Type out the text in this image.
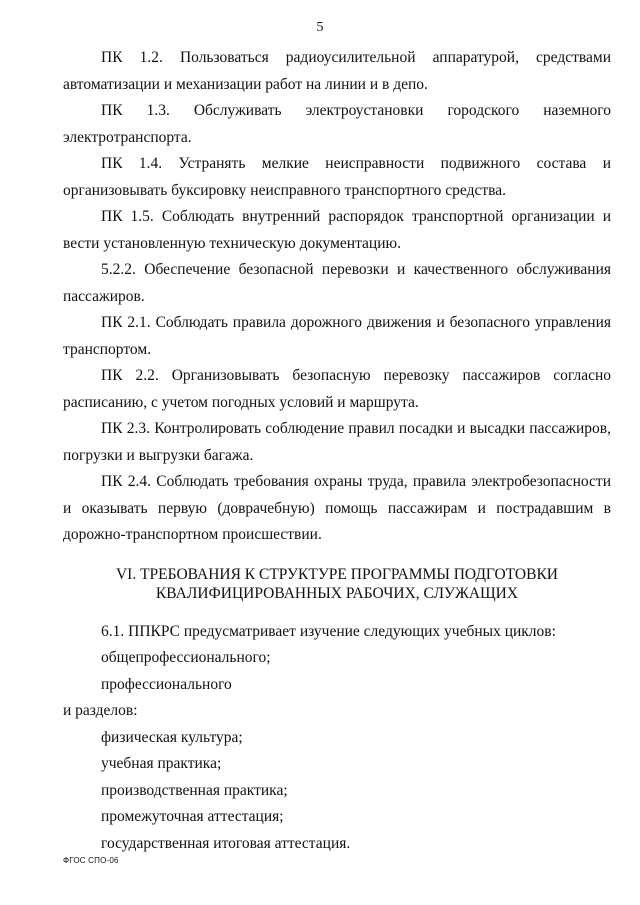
5

ПК 1.2. Пользоваться радиоусилительной аппаратурой, средствами автоматизации и механизации работ на линии и в депо.

ПК 1.3. Обслуживать электроустановки городского наземного электротранспорта.

ПК 1.4. Устранять мелкие неисправности подвижного состава и организовывать буксировку неисправного транспортного средства.

ПК 1.5. Соблюдать внутренний распорядок транспортной организации и вести установленную техническую документацию.

5.2.2. Обеспечение безопасной перевозки и качественного обслуживания пассажиров.

ПК 2.1. Соблюдать правила дорожного движения и безопасного управления транспортом.

ПК 2.2. Организовывать безопасную перевозку пассажиров согласно расписанию, с учетом погодных условий и маршрута.

ПК 2.3. Контролировать соблюдение правил посадки и высадки пассажиров, погрузки и выгрузки багажа.

ПК 2.4. Соблюдать требования охраны труда, правила электробезопасности и оказывать первую (доврачебную) помощь пассажирам и пострадавшим в дорожно-транспортном происшествии.

VI. ТРЕБОВАНИЯ К СТРУКТУРЕ ПРОГРАММЫ ПОДГОТОВКИ
КВАЛИФИЦИРОВАННЫХ РАБОЧИХ, СЛУЖАЩИХ
6.1. ППКРС предусматривает изучение следующих учебных циклов:
общепрофессионального;
профессионального
и разделов:
физическая культура;
учебная практика;
производственная практика;
промежуточная аттестация;
государственная итоговая аттестация.
ФГОС СПО-06
